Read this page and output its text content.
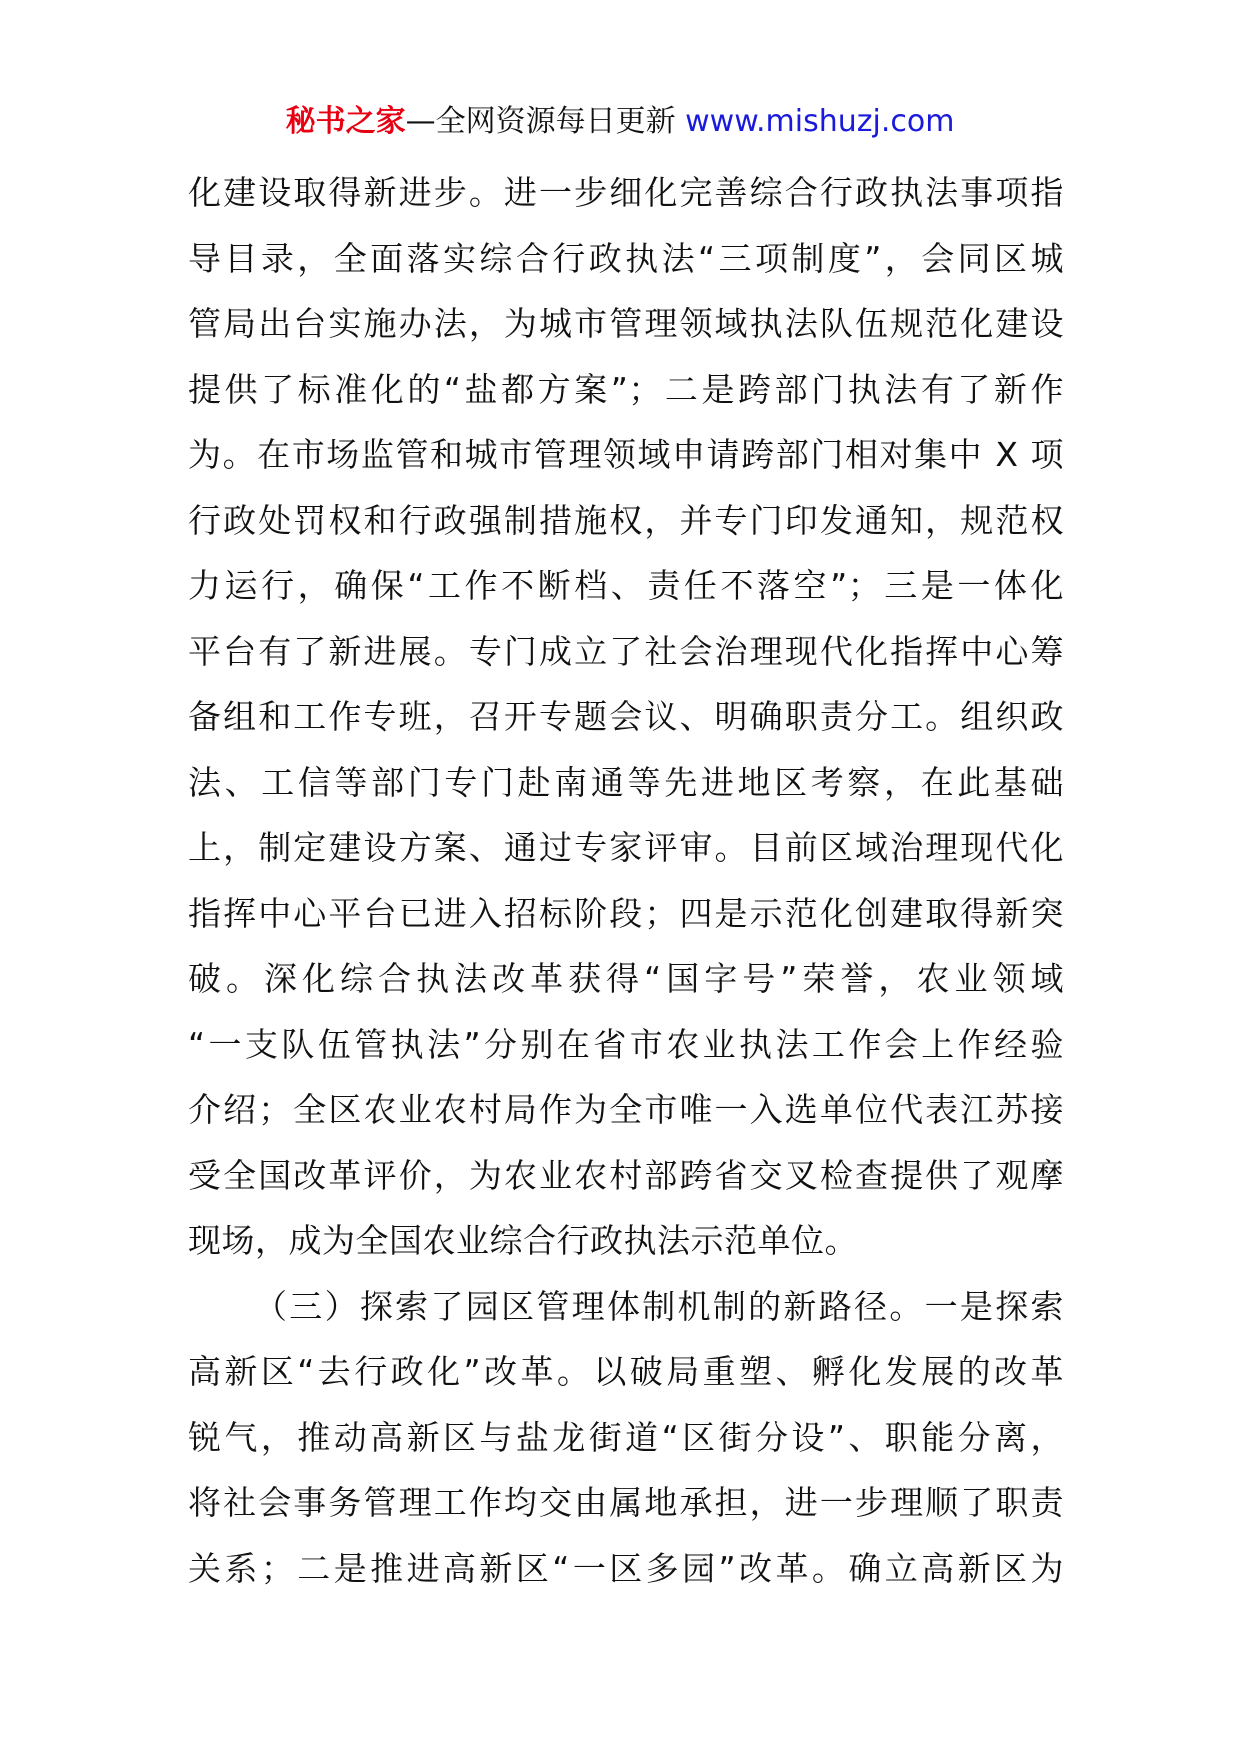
秘书之家—全网资源每日更新 www.mishuzj.com
化建设取得新进步。进一步细化完善综合行政执法事项指
导目录，全面落实综合行政执法“三项制度”，会同区城
管局出台实施办法，为城市管理领域执法队伍规范化建设
提供了标准化的“盐都方案”；二是跨部门执法有了新作
为。在市场监管和城市管理领域申请跨部门相对集中 X 项
行政处罚权和行政强制措施权，并专门印发通知，规范权
力运行，确保“工作不断档、责任不落空”；三是一体化
平台有了新进展。专门成立了社会治理现代化指挥中心筹
备组和工作专班，召开专题会议、明确职责分工。组织政
法、工信等部门专门赴南通等先进地区考察，在此基础
上，制定建设方案、通过专家评审。目前区域治理现代化
指挥中心平台已进入招标阶段；四是示范化创建取得新突
破。深化综合执法改革获得“国字号”荣誉，农业领域
“一支队伍管执法”分别在省市农业执法工作会上作经验
介绍；全区农业农村局作为全市唯一入选单位代表江苏接
受全国改革评价，为农业农村部跨省交叉检查提供了观摩
现场，成为全国农业综合行政执法示范单位。
（三）探索了园区管理体制机制的新路径。一是探索
高新区“去行政化”改革。以破局重塑、孵化发展的改革
锐气，推动高新区与盐龙街道“区街分设”、职能分离，
将社会事务管理工作均交由属地承担，进一步理顺了职责
关系；二是推进高新区“一区多园”改革。确立高新区为
